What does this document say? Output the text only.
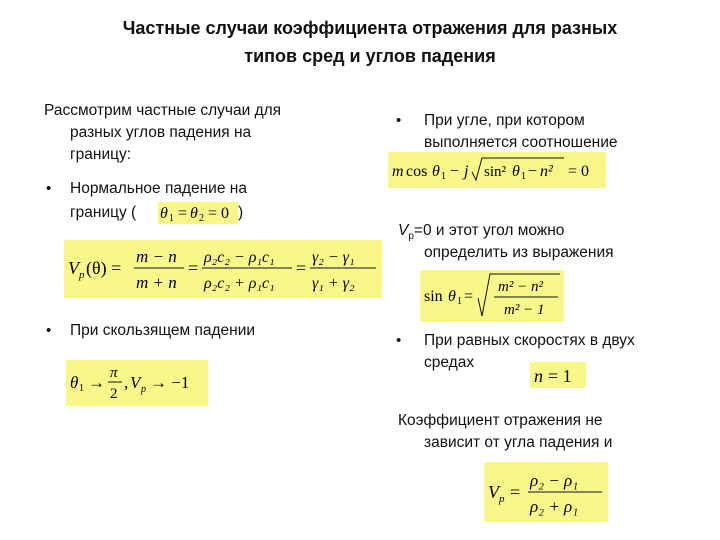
Частные случаи коэффициента отражения для разных
типов сред и углов падения
Рассмотрим частные случаи для
разных углов падения на
границу:
• Нормальное падение на
границу ( θ 1 = θ 2 = 0 )
V p (θ) =
m − n
m + n
=
ρ₂c₂ − ρ₁c₁
ρ₂c₂ + ρ₁c₁
=
γ₂ − γ₁
γ₁ + γ₂
• При скользящем падении
θ 1 → π
2
, V p → −1
• При угле, при котором
выполняется соотношение
m cos θ 1 − j sin² θ 1 − n² = 0
$V_p=0$ и этот угол можно
определить из выражения
sin θ 1 =
m² − n²
m² − 1
• При равных скоростях в двух
средах
n = 1
Коэффициент отражения не
зависит от угла падения и
V p =
ρ₂ − ρ₁
ρ₂ + ρ₁
